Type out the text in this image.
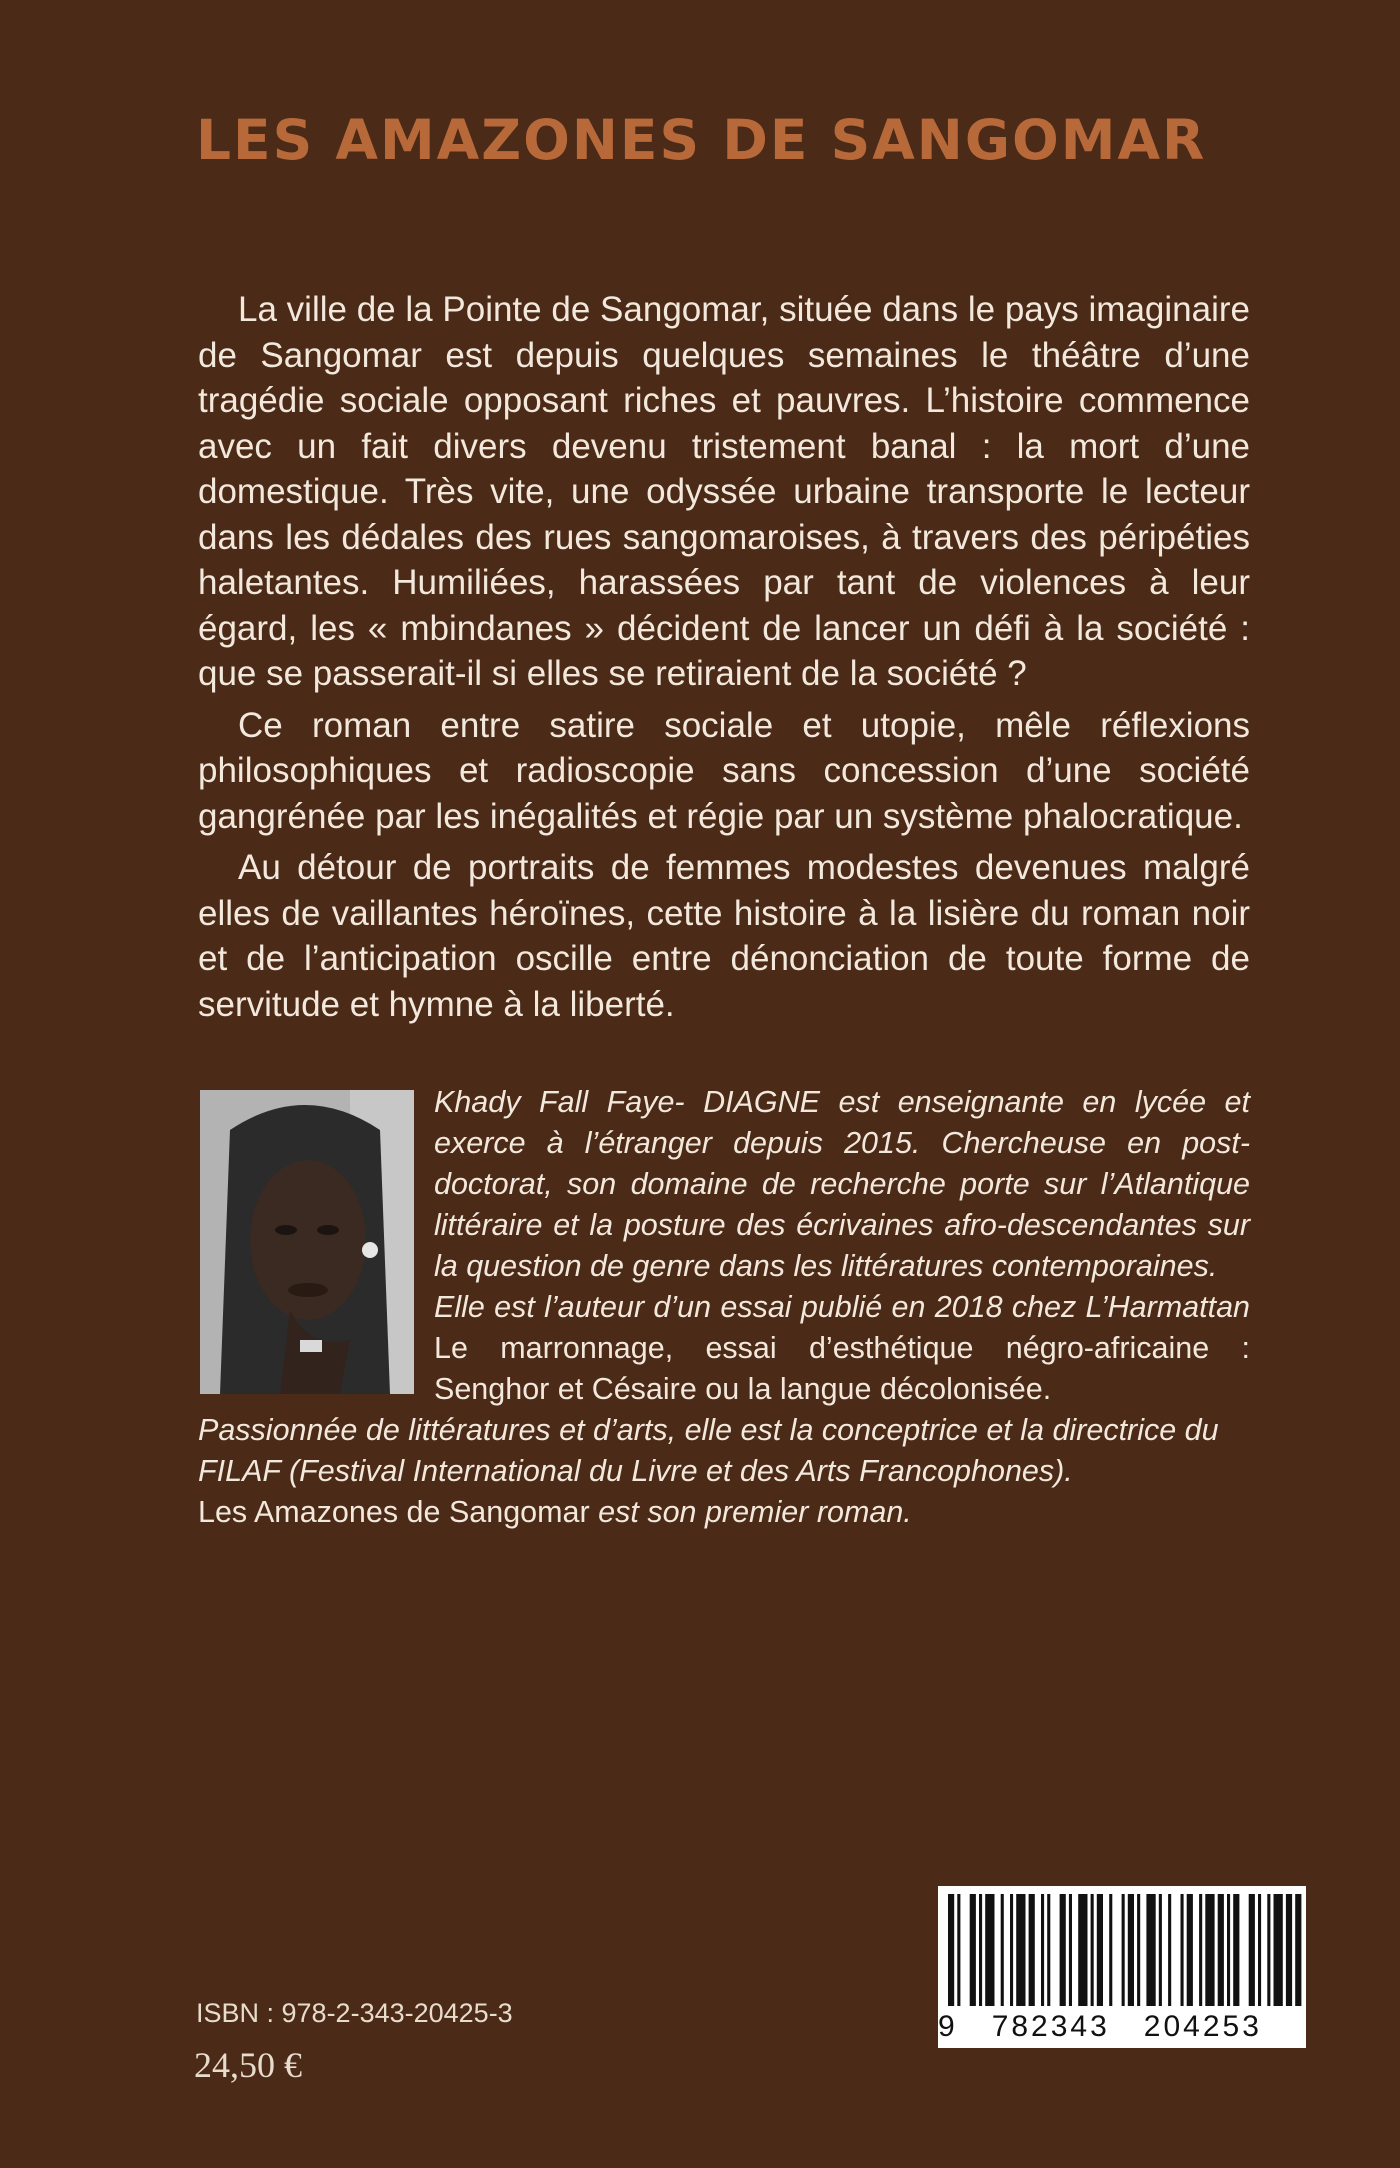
LES AMAZONES DE SANGOMAR

La ville de la Pointe de Sangomar, située dans le pays imaginaire de Sangomar est depuis quelques semaines le théâtre d’une tragédie sociale opposant riches et pauvres. L’histoire commence avec un fait divers devenu tristement banal : la mort d’une domestique. Très vite, une odyssée urbaine transporte le lecteur dans les dédales des rues sangomaroises, à travers des péripéties haletantes. Humiliées, harassées par tant de violences à leur égard, les « mbindanes » décident de lancer un défi à la société : que se passerait-il si elles se retiraient de la société ?

Ce roman entre satire sociale et utopie, mêle réflexions philosophiques et radioscopie sans concession d’une société gangrénée par les inégalités et régie par un système phalocratique.

Au détour de portraits de femmes modestes devenues malgré elles de vaillantes héroïnes, cette histoire à la lisière du roman noir et de l’anticipation oscille entre dénonciation de toute forme de servitude et hymne à la liberté.

Khady Fall Faye- DIAGNE est enseignante en lycée et exerce à l’étranger depuis 2015. Chercheuse en post-doctorat, son domaine de recherche porte sur l’Atlantique littéraire et la posture des écrivaines afro-descendantes sur la question de genre dans les littératures contemporaines.

Elle est l’auteur d’un essai publié en 2018 chez L’Harmattan Le marronnage, essai d’esthétique négro-africaine : Senghor et Césaire ou la langue décolonisée.

Passionnée de littératures et d’arts, elle est la conceptrice et la directrice du FILAF (Festival International du Livre et des Arts Francophones).

Les Amazones de Sangomar est son premier roman.

9   782343   204253
ISBN : 978-2-343-20425-3
24,50 €
